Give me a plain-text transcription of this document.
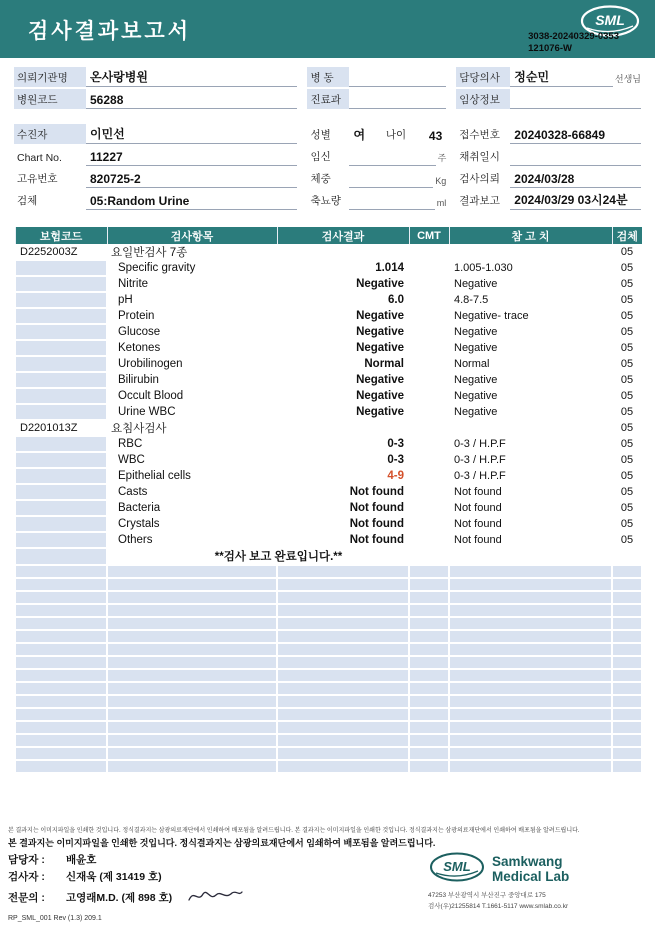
검사결과보고서	SML
3038-20240329-0353
121076-W
의뢰기관명	온사랑병원
병원코드	56288
수진자	이민선
Chart No.	11227
고유번호	820725-2
검체	05:Random Urine
병 동

진료과

성별	여	나이	43
임신
	주
체중
	Kg
축뇨량
	ml
담당의사	정순민	선생님
임상정보

접수번호	20240328-66849
채취일시

검사의뢰	2024/03/28
결과보고	2024/03/29 03시24분
보험코드	검사항목	검사결과	CMT	참 고 치	검체
D2252003Z	요일반검사 7종				05
	Specific gravity	1.014		1.005-1.030	05
	Nitrite	Negative		Negative	05
	pH	6.0		4.8-7.5	05
	Protein	Negative		Negative- trace	05
	Glucose	Negative		Negative	05
	Ketones	Negative		Negative	05
	Urobilinogen	Normal		Normal	05
	Bilirubin	Negative		Negative	05
	Occult Blood	Negative		Negative	05
	Urine WBC	Negative		Negative	05
D2201013Z	요침사검사				05
	RBC	0-3		0-3 / H.P.F	05
	WBC	0-3		0-3 / H.P.F	05
	Epithelial cells	4-9		0-3 / H.P.F	05
	Casts	Not found		Not found	05
	Bacteria	Not found		Not found	05
	Crystals	Not found		Not found	05
	Others	Not found		Not found	05
	**검사 보고 완료입니다.**				

본 결과지는 이미지파일을 인쇄한 것입니다. 정식결과지는 삼광의료재단에서 인쇄하여 배포됨을 알려드립니다. 본 결과지는 이미지파일을 인쇄한 것입니다. 정식결과지는 삼광의료재단에서 인쇄하여 배포됨을 알려드립니다.
본 결과지는 이미지파일을 인쇄한 것입니다. 정식결과지는 삼광의료재단에서 임쇄하여 배포됨을 알려드립니다.
담당자 :	배윤호
검사자 :	신재욱 (제 31419 호)
전문의 :	고영래M.D. (제 898 호)
RP_SML_001 Rev (1.3) 209.1
SML Samkwang
Medical Lab
47253 부산광역시 부산진구 중앙대로 175
검사(우)21255814 T.1661-5117 www.smlab.co.kr
